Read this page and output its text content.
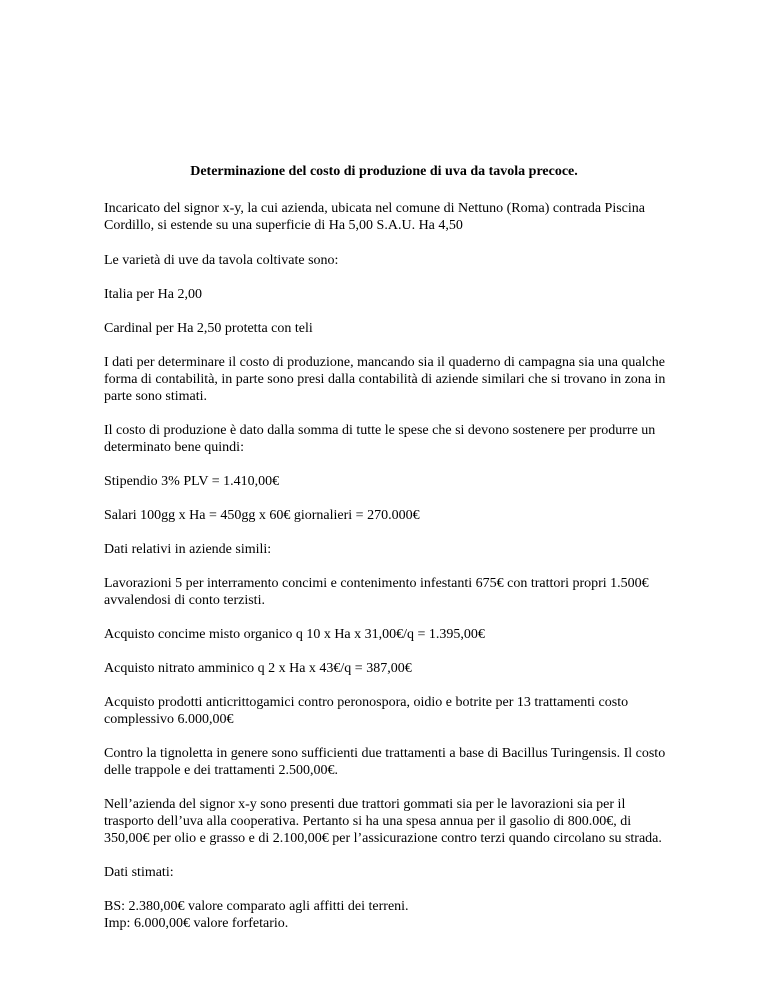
Determinazione del costo di produzione di uva da tavola precoce.

Incaricato del signor x-y, la cui azienda, ubicata nel comune di Nettuno (Roma) contrada Piscina Cordillo, si estende su una superficie di Ha 5,00 S.A.U. Ha 4,50

Le varietà di uve da tavola coltivate sono:

Italia per Ha 2,00

Cardinal per Ha 2,50 protetta con teli

I dati per determinare il costo di produzione, mancando sia il quaderno di campagna sia una qualche forma di contabilità, in parte sono presi dalla contabilità di aziende similari che si trovano in zona in parte sono stimati.

Il costo di produzione è dato dalla somma di tutte le spese che si devono sostenere per produrre un determinato bene quindi:

Stipendio 3% PLV = 1.410,00€

Salari 100gg x Ha = 450gg x 60€ giornalieri = 270.000€

Dati relativi in aziende simili:

Lavorazioni 5 per interramento concimi e contenimento infestanti 675€ con trattori propri 1.500€ avvalendosi di conto terzisti.

Acquisto concime misto organico q 10 x Ha x 31,00€/q = 1.395,00€

Acquisto nitrato amminico q 2 x Ha x 43€/q = 387,00€

Acquisto prodotti anticrittogamici contro peronospora, oidio e botrite per 13 trattamenti costo complessivo 6.000,00€

Contro la tignoletta in genere sono sufficienti due trattamenti a base di Bacillus Turingensis. Il costo delle trappole e dei trattamenti 2.500,00€.

Nell’azienda del signor x-y sono presenti due trattori gommati sia per le lavorazioni sia per il trasporto dell’uva alla cooperativa. Pertanto si ha una spesa annua per il gasolio di 800.00€, di 350,00€ per olio e grasso e di 2.100,00€ per l’assicurazione contro terzi quando circolano su strada.

Dati stimati:

BS: 2.380,00€ valore comparato agli affitti dei terreni.

Imp: 6.000,00€ valore forfetario.
